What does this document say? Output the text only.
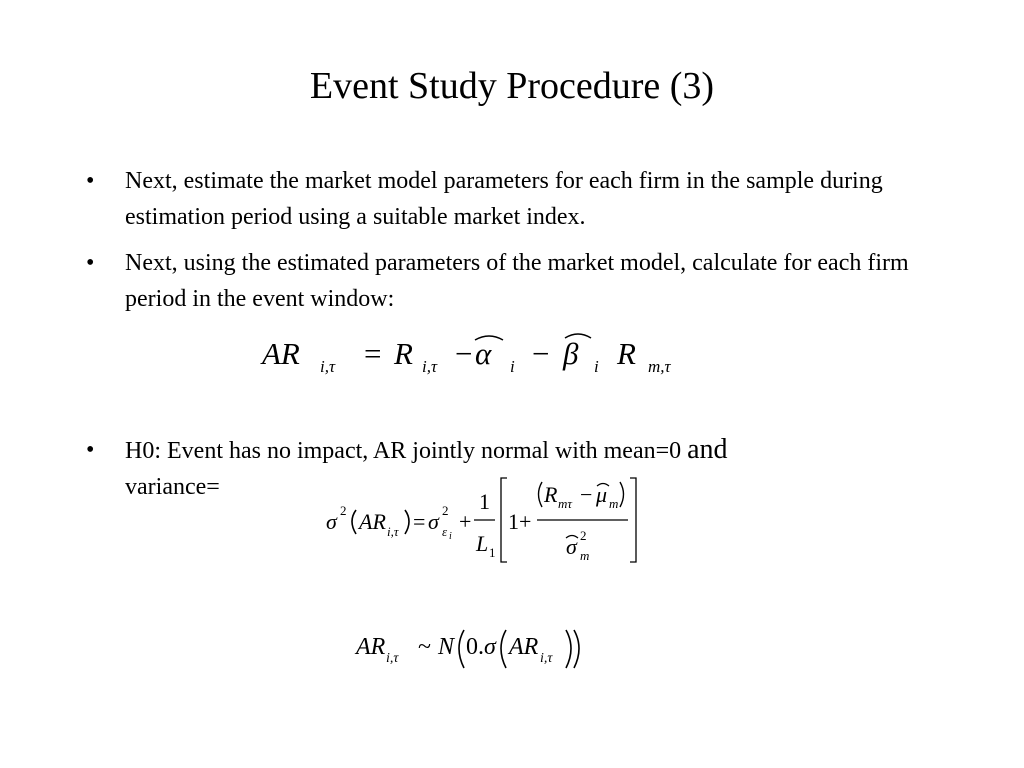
Event Study Procedure (3)
•	Next, estimate the market model parameters for each firm in the sample during estimation period using a suitable market index.
•	Next, using the estimated parameters of the market model, calculate for each firm period in the event window:
AR i,τ = R i,τ − α i − β i R m,τ
•	H0: Event has no impact, AR jointly normal with mean=0 and
variance=
σ 2 AR i,τ = σ 2
ε i
+
1
L 1
1+
R mτ − μ m
σ 2
m
AR i,τ ~ N 0. σ AR i,τ
